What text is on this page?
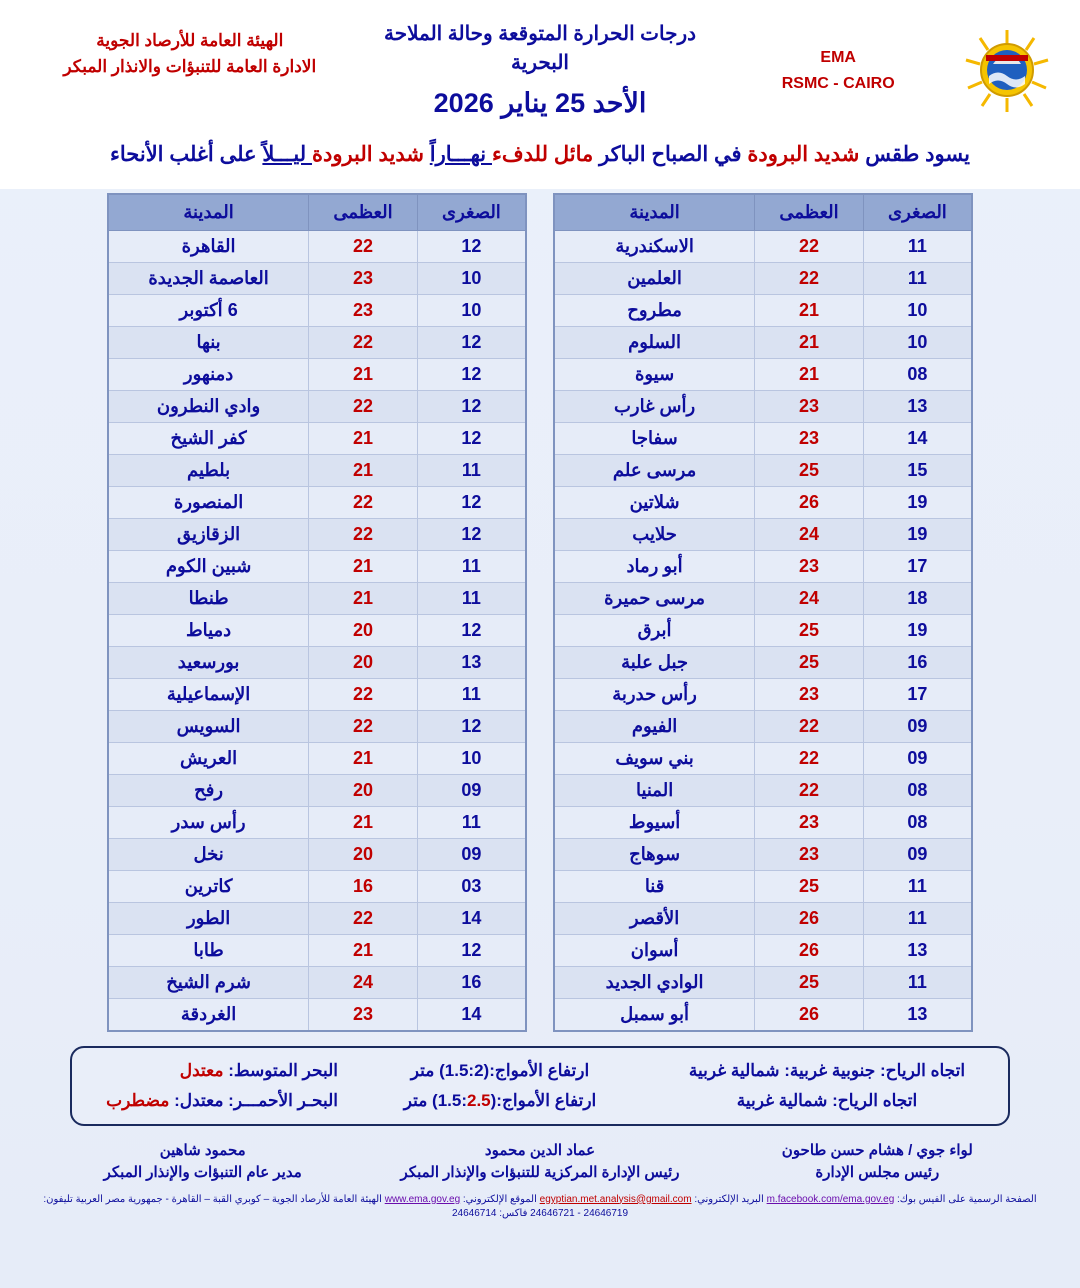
الهيئة العامة للأرصاد الجوية
الادارة العامة للتنبؤات والانذار المبكر
درجات الحرارة المتوقعة وحالة الملاحة البحرية
الأحد 25 يناير 2026
EMA
RSMC - CAIRO
يسود طقس شديد البرودة في الصباح الباكر مائل للدفء نهـــاراً شديد البرودة ليـــلاً على أغلب الأنحاء
الصغرى	العظمى	المدينة
11	22	الاسكندرية
11	22	العلمين
10	21	مطروح
10	21	السلوم
08	21	سيوة
13	23	رأس غارب
14	23	سفاجا
15	25	مرسى علم
19	26	شلاتين
19	24	حلايب
17	23	أبو رماد
18	24	مرسى حميرة
19	25	أبرق
16	25	جبل علبة
17	23	رأس حدربة
09	22	الفيوم
09	22	بني سويف
08	22	المنيا
08	23	أسيوط
09	23	سوهاج
11	25	قنا
11	26	الأقصر
13	26	أسوان
11	25	الوادي الجديد
13	26	أبو سمبل
الصغرى	العظمى	المدينة
12	22	القاهرة
10	23	العاصمة الجديدة
10	23	6 أكتوبر
12	22	بنها
12	21	دمنهور
12	22	وادي النطرون
12	21	كفر الشيخ
11	21	بلطيم
12	22	المنصورة
12	22	الزقازيق
11	21	شبين الكوم
11	21	طنطا
12	20	دمياط
13	20	بورسعيد
11	22	الإسماعيلية
12	22	السويس
10	21	العريش
09	20	رفح
11	21	رأس سدر
09	20	نخل
03	16	كاترين
14	22	الطور
12	21	طابا
16	24	شرم الشيخ
14	23	الغردقة
البحر المتوسط: معتدل	ارتفاع الأمواج:(1.5:2) متر	اتجاه الرياح: جنوبية غربية: شمالية غربية
البحـر الأحمـــر: معتدل: مضطرب	ارتفاع الأمواج:(1.5:2.5) متر	اتجاه الرياح: شمالية غربية
محمود شاهين
مدير عام التنبؤات والإنذار المبكر
عماد الدين محمود
رئيس الإدارة المركزية للتنبؤات والإنذار المبكر
لواء جوي / هشام حسن طاحون
رئيس مجلس الإدارة
الصفحة الرسمية على الفيس بوك: m.facebook.com/ema.gov.eg البريد الإلكتروني: egyptian.met.analysis@gmail.com الموقع الإلكتروني: www.ema.gov.eg الهيئة العامة للأرصاد الجوية – كوبري القبة – القاهرة - جمهورية مصر العربية تليفون: 24646719 - 24646721 فاكس: 24646714
